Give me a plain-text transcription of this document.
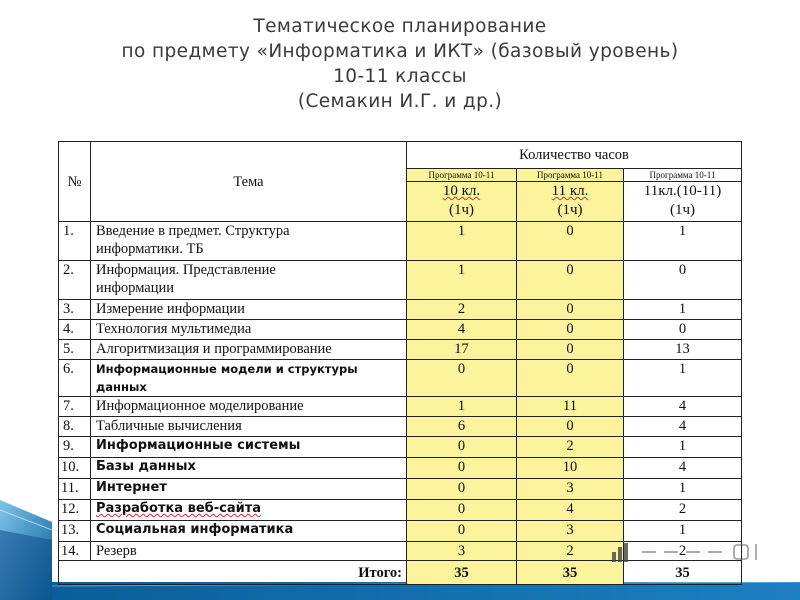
Тематическое планирование
по предмету «Информатика и ИКТ» (базовый уровень)
10-11 классы
(Семакин И.Г. и др.)
№	Тема	Количество часов		
		Программа 10-11	Программа 10-11	Программа 10-11
		10 кл.
(1ч)	11 кл.
(1ч)	11кл.(10-11)
(1ч)
1.	Введение в предмет. Структура
информатики. ТБ	1	0	1
2.	Информация. Представление
информации	1	0	0
3.	Измерение информации	2	0	1
4.	Технология мультимедиа	4	0	0
5.	Алгоритмизация и программирование	17	0	13
6.	Информационные модели и структуры данных	0	0	1
7.	Информационное моделирование	1	11	4
8.	Табличные вычисления	6	0	4
9.	Информационные системы	0	2	1
10.	Базы данных	0	10	4
11.	Интернет	0	3	1
12.	Разработка веб-сайта	0	4	2
13.	Социальная информатика	0	3	1
14.	Резерв	3	2	2
Итого:		35	35	35
